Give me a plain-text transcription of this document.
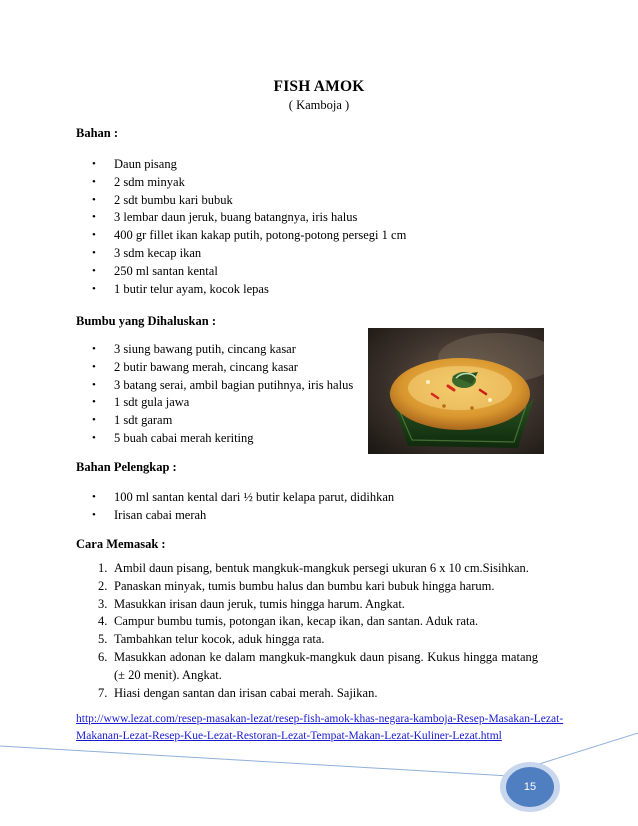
FISH AMOK
( Kamboja )
Bahan :
• Daun pisang
• 2 sdm minyak
• 2 sdt bumbu kari bubuk
• 3 lembar daun jeruk, buang batangnya, iris halus
• 400 gr fillet ikan kakap putih, potong-potong persegi 1 cm
• 3 sdm kecap ikan
• 250 ml santan kental
• 1 butir telur ayam, kocok lepas
Bumbu yang Dihaluskan :
• 3 siung bawang putih, cincang kasar
• 2 butir bawang merah, cincang kasar
• 3 batang serai, ambil bagian putihnya, iris halus
• 1 sdt gula jawa
• 1 sdt garam
• 5 buah cabai merah keriting
Bahan Pelengkap :
• 100 ml santan kental dari ½ butir kelapa parut, didihkan
• Irisan cabai merah
Cara Memasak :
1. Ambil daun pisang, bentuk mangkuk-mangkuk persegi ukuran 6 x 10 cm.Sisihkan.
2. Panaskan minyak, tumis bumbu halus dan bumbu kari bubuk hingga harum.
3. Masukkan irisan daun jeruk, tumis hingga harum. Angkat.
4. Campur bumbu tumis, potongan ikan, kecap ikan, dan santan. Aduk rata.
5. Tambahkan telur kocok, aduk hingga rata.
6. Masukkan adonan ke dalam mangkuk-mangkuk daun pisang. Kukus hingga matang (± 20 menit). Angkat.
7. Hiasi dengan santan dan irisan cabai merah. Sajikan.
http://www.lezat.com/resep-masakan-lezat/resep-fish-amok-khas-negara-kamboja-Resep-Masakan-Lezat-Makanan-Lezat-Resep-Kue-Lezat-Restoran-Lezat-Tempat-Makan-Lezat-Kuliner-Lezat.html
15
